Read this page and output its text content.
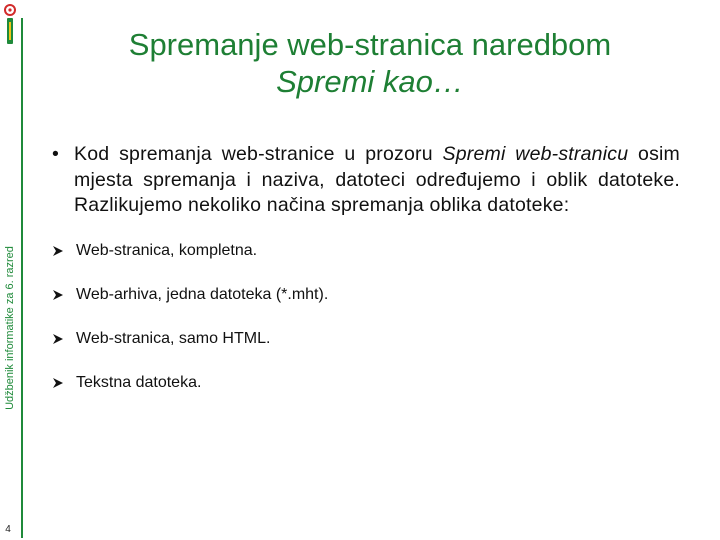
Udžbenik informatike za 6. razred
4
Spremanje web-stranica naredbom
Spremi kao…
• Kod spremanja web-stranice u prozoru Spremi web-stranicu osim mjesta spremanja i naziva, datoteci određujemo i oblik datoteke. Razlikujemo nekoliko načina spremanja oblika datoteke:
Web-stranica, kompletna.
Web-arhiva, jedna datoteka (*.mht).
Web-stranica, samo HTML.
Tekstna datoteka.
